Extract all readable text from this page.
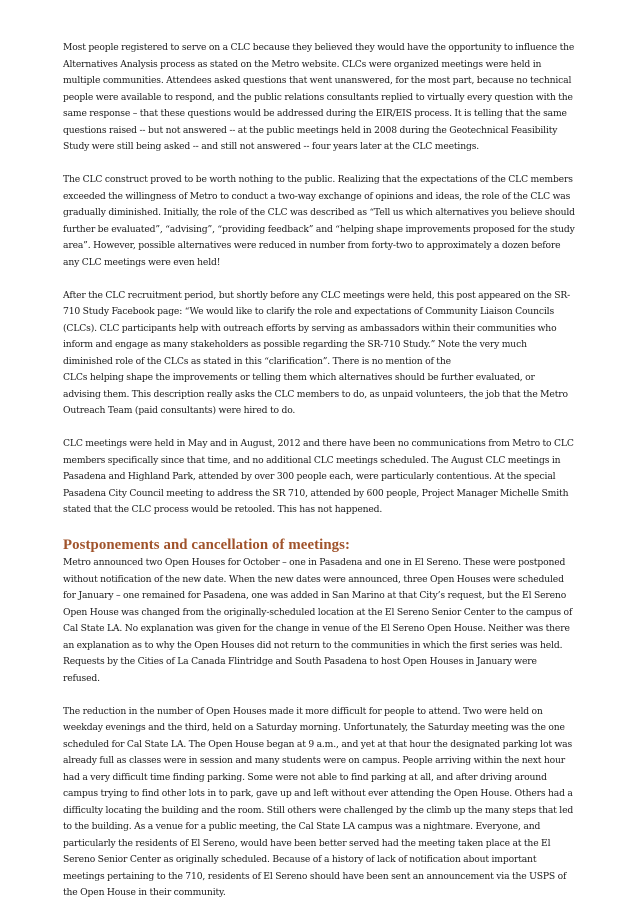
Most people registered to serve on a CLC because they believed they would have the opportunity to influence the Alternatives Analysis process as stated on the Metro website. CLCs were organized meetings were held in multiple communities. Attendees asked questions that went unanswered, for the most part, because no technical people were available to respond, and the public relations consultants replied to virtually every question with the same response – that these questions would be addressed during the EIR/EIS process. It is telling that the same questions raised -- but not answered -- at the public meetings held in 2008 during the Geotechnical Feasibility Study were still being asked -- and still not answered -- four years later at the CLC meetings.

The CLC construct proved to be worth nothing to the public. Realizing that the expectations of the CLC members exceeded the willingness of Metro to conduct a two-way exchange of opinions and ideas, the role of the CLC was gradually diminished. Initially, the role of the CLC was described as “Tell us which alternatives you believe should further be evaluated”, “advising”, “providing feedback” and “helping shape improvements proposed for the study area”. However, possible alternatives were reduced in number from forty-two to approximately a dozen before any CLC meetings were even held!

After the CLC recruitment period, but shortly before any CLC meetings were held, this post appeared on the SR-710 Study Facebook page: “We would like to clarify the role and expectations of Community Liaison Councils (CLCs). CLC participants help with outreach efforts by serving as ambassadors within their communities who inform and engage as many stakeholders as possible regarding the SR-710 Study.” Note the very much diminished role of the CLCs as stated in this “clarification”. There is no mention of the

CLCs helping shape the improvements or telling them which alternatives should be further evaluated, or advising them. This description really asks the CLC members to do, as unpaid volunteers, the job that the Metro Outreach Team (paid consultants) were hired to do.

CLC meetings were held in May and in August, 2012 and there have been no communications from Metro to CLC members specifically since that time, and no additional CLC meetings scheduled. The August CLC meetings in Pasadena and Highland Park, attended by over 300 people each, were particularly contentious. At the special Pasadena City Council meeting to address the SR 710, attended by 600 people, Project Manager Michelle Smith stated that the CLC process would be retooled. This has not happened.

Postponements and cancellation of meetings:

Metro announced two Open Houses for October – one in Pasadena and one in El Sereno. These were postponed without notification of the new date. When the new dates were announced, three Open Houses were scheduled for January – one remained for Pasadena, one was added in San Marino at that City’s request, but the El Sereno Open House was changed from the originally-scheduled location at the El Sereno Senior Center to the campus of Cal State LA. No explanation was given for the change in venue of the El Sereno Open House. Neither was there an explanation as to why the Open Houses did not return to the communities in which the first series was held. Requests by the Cities of La Canada Flintridge and South Pasadena to host Open Houses in January were refused.

The reduction in the number of Open Houses made it more difficult for people to attend. Two were held on weekday evenings and the third, held on a Saturday morning. Unfortunately, the Saturday meeting was the one scheduled for Cal State LA. The Open House began at 9 a.m., and yet at that hour the designated parking lot was already full as classes were in session and many students were on campus. People arriving within the next hour had a very difficult time finding parking. Some were not able to find parking at all, and after driving around campus trying to find other lots in to park, gave up and left without ever attending the Open House. Others had a difficulty locating the building and the room. Still others were challenged by the climb up the many steps that led to the building. As a venue for a public meeting, the Cal State LA campus was a nightmare. Everyone, and particularly the residents of El Sereno, would have been better served had the meeting taken place at the El Sereno Senior Center as originally scheduled. Because of a history of lack of notification about important meetings pertaining to the 710, residents of El Sereno should have been sent an announcement via the USPS of the Open House in their community.
